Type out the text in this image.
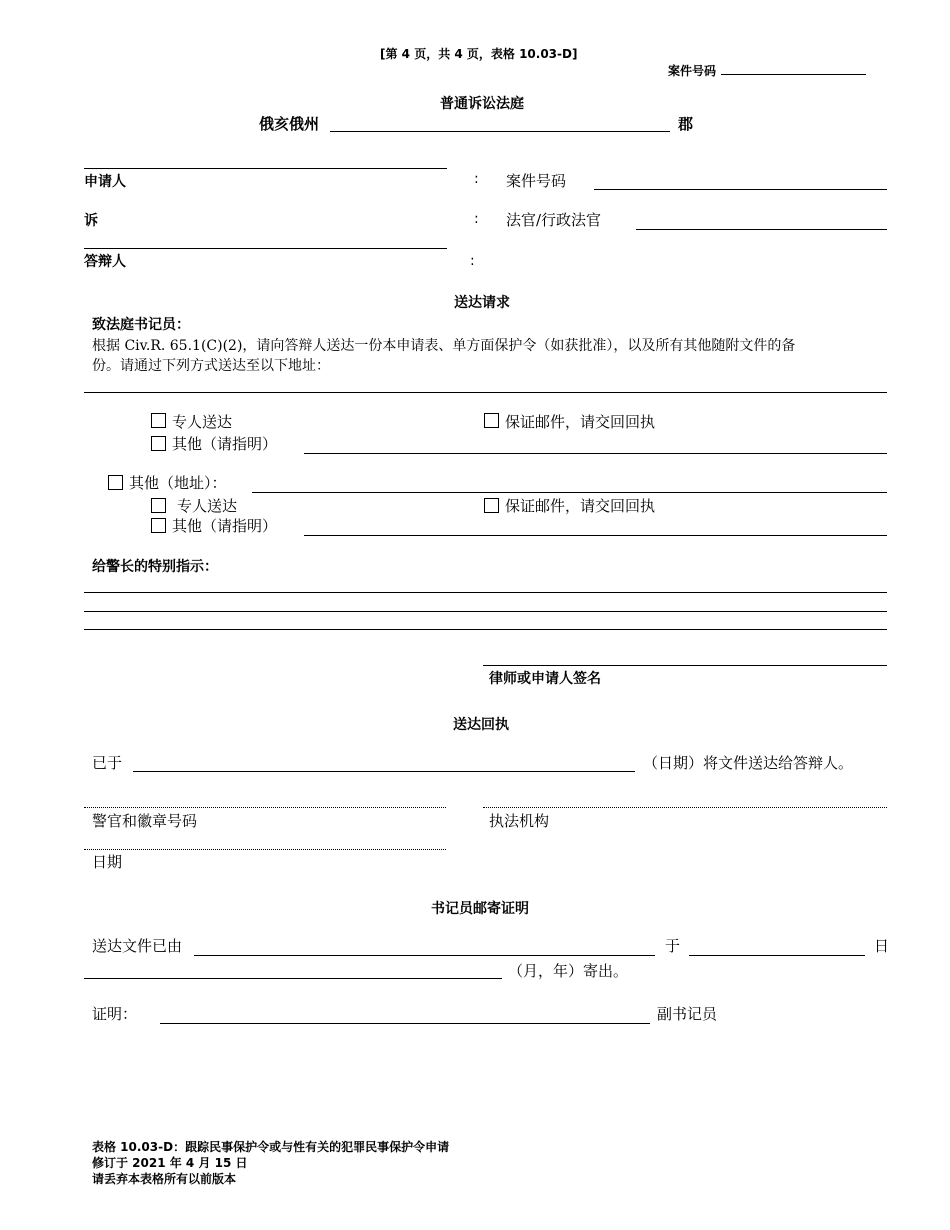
[第 4 页，共 4 页，表格 10.03-D]
案件号码
普通诉讼法庭
俄亥俄州	郡
申请人	: 案件号码
诉	: 法官/行政法官
答辩人	:
送达请求
致法庭书记员：
根据 Civ.R. 65.1(C)(2)，请向答辩人送达一份本申请表、单方面保护令（如获批准），以及所有其他随附文件的备
份。请通过下列方式送达至以下地址：
专人送达	保证邮件，请交回回执
其他（请指明）
其他（地址）：
专人送达	保证邮件，请交回回执
其他（请指明）
给警长的特别指示：
律师或申请人签名
送达回执
已于	（日期）将文件送达给答辩人。
警官和徽章号码	执法机构
日期
书记员邮寄证明
送达文件已由	于	日
（月，年）寄出。
证明：	副书记员
表格 10.03-D：跟踪民事保护令或与性有关的犯罪民事保护令申请
修订于 2021 年 4 月 15 日
请丢弃本表格所有以前版本
